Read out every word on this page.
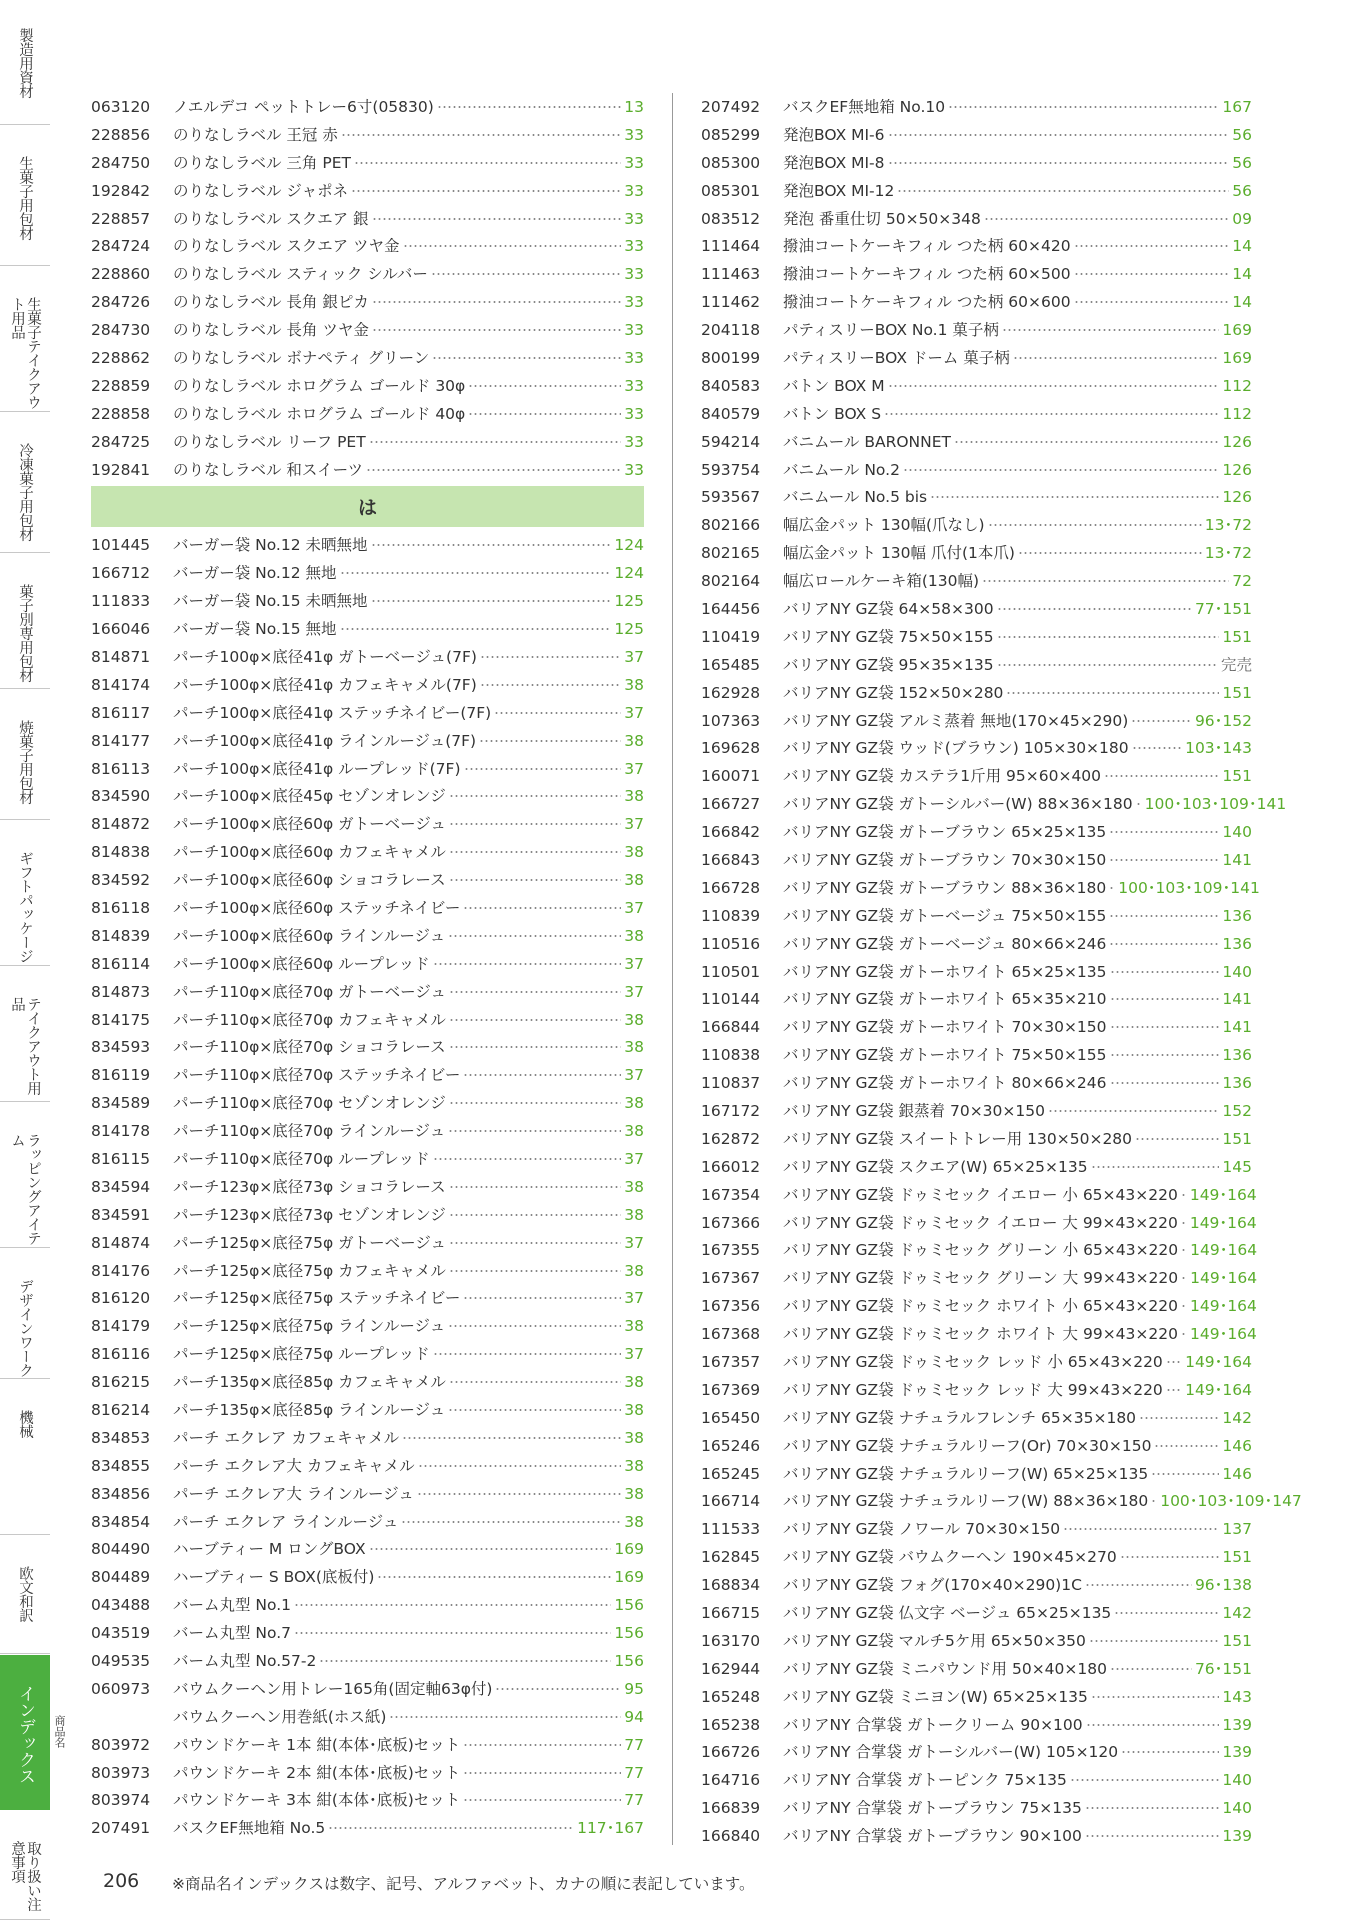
製造用資材
生菓子用包材
生菓子テイクアウト用品
冷凍菓子用包材
菓子別専用包材
焼菓子用包材
ギフトパッケージ
テイクアウト用品
ラッピングアイテム
デザインワーク
機械
欧文和訳
インデックス
取り扱い注意事項
商品名
063120	ノエルデコ ペットトレー6寸(05830)	13
228856	のりなしラベル 王冠 赤	33
284750	のりなしラベル 三角 PET	33
192842	のりなしラベル ジャポネ	33
228857	のりなしラベル スクエア 銀	33
284724	のりなしラベル スクエア ツヤ金	33
228860	のりなしラベル スティック シルバー	33
284726	のりなしラベル 長角 銀ピカ	33
284730	のりなしラベル 長角 ツヤ金	33
228862	のりなしラベル ボナペティ グリーン	33
228859	のりなしラベル ホログラム ゴールド 30φ	33
228858	のりなしラベル ホログラム ゴールド 40φ	33
284725	のりなしラベル リーフ PET	33
192841	のりなしラベル 和スイーツ	33
は
101445	バーガー袋 No.12 未晒無地	124
166712	バーガー袋 No.12 無地	124
111833	バーガー袋 No.15 未晒無地	125
166046	バーガー袋 No.15 無地	125
814871	パーチ100φ×底径41φ ガトーベージュ(7F)	37
814174	パーチ100φ×底径41φ カフェキャメル(7F)	38
816117	パーチ100φ×底径41φ ステッチネイビー(7F)	37
814177	パーチ100φ×底径41φ ラインルージュ(7F)	38
816113	パーチ100φ×底径41φ ループレッド(7F)	37
834590	パーチ100φ×底径45φ セゾンオレンジ	38
814872	パーチ100φ×底径60φ ガトーベージュ	37
814838	パーチ100φ×底径60φ カフェキャメル	38
834592	パーチ100φ×底径60φ ショコラレース	38
816118	パーチ100φ×底径60φ ステッチネイビー	37
814839	パーチ100φ×底径60φ ラインルージュ	38
816114	パーチ100φ×底径60φ ループレッド	37
814873	パーチ110φ×底径70φ ガトーベージュ	37
814175	パーチ110φ×底径70φ カフェキャメル	38
834593	パーチ110φ×底径70φ ショコラレース	38
816119	パーチ110φ×底径70φ ステッチネイビー	37
834589	パーチ110φ×底径70φ セゾンオレンジ	38
814178	パーチ110φ×底径70φ ラインルージュ	38
816115	パーチ110φ×底径70φ ループレッド	37
834594	パーチ123φ×底径73φ ショコラレース	38
834591	パーチ123φ×底径73φ セゾンオレンジ	38
814874	パーチ125φ×底径75φ ガトーベージュ	37
814176	パーチ125φ×底径75φ カフェキャメル	38
816120	パーチ125φ×底径75φ ステッチネイビー	37
814179	パーチ125φ×底径75φ ラインルージュ	38
816116	パーチ125φ×底径75φ ループレッド	37
816215	パーチ135φ×底径85φ カフェキャメル	38
816214	パーチ135φ×底径85φ ラインルージュ	38
834853	パーチ エクレア カフェキャメル	38
834855	パーチ エクレア大 カフェキャメル	38
834856	パーチ エクレア大 ラインルージュ	38
834854	パーチ エクレア ラインルージュ	38
804490	ハーブティー M ロングBOX	169
804489	ハーブティー S BOX(底板付)	169
043488	バーム丸型 No.1	156
043519	バーム丸型 No.7	156
049535	バーム丸型 No.57-2	156
060973	バウムクーヘン用トレー165角(固定軸63φ付)	95
バウムクーヘン用巻紙(ホス紙)	94
803972	パウンドケーキ 1本 紺(本体･底板)セット	77
803973	パウンドケーキ 2本 紺(本体･底板)セット	77
803974	パウンドケーキ 3本 紺(本体･底板)セット	77
207491	バスクEF無地箱 No.5	117･167
207492	バスクEF無地箱 No.10	167
085299	発泡BOX MI-6	56
085300	発泡BOX MI-8	56
085301	発泡BOX MI-12	56
083512	発泡 番重仕切 50×50×348	09
111464	撥油コートケーキフィル つた柄 60×420	14
111463	撥油コートケーキフィル つた柄 60×500	14
111462	撥油コートケーキフィル つた柄 60×600	14
204118	パティスリーBOX No.1 菓子柄	169
800199	パティスリーBOX ドーム 菓子柄	169
840583	バトン BOX M	112
840579	バトン BOX S	112
594214	バニムール BARONNET	126
593754	バニムール No.2	126
593567	バニムール No.5 bis	126
802166	幅広金パット 130幅(爪なし)	13･72
802165	幅広金パット 130幅 爪付(1本爪)	13･72
802164	幅広ロールケーキ箱(130幅)	72
164456	バリアNY GZ袋 64×58×300	77･151
110419	バリアNY GZ袋 75×50×155	151
165485	バリアNY GZ袋 95×35×135	完売
162928	バリアNY GZ袋 152×50×280	151
107363	バリアNY GZ袋 アルミ蒸着 無地(170×45×290)	96･152
169628	バリアNY GZ袋 ウッド(ブラウン) 105×30×180	103･143
160071	バリアNY GZ袋 カステラ1斤用 95×60×400	151
166727	バリアNY GZ袋 ガトーシルバー(W) 88×36×180 100･103･109･141
166842	バリアNY GZ袋 ガトーブラウン 65×25×135	140
166843	バリアNY GZ袋 ガトーブラウン 70×30×150	141
166728	バリアNY GZ袋 ガトーブラウン 88×36×180 100･103･109･141
110839	バリアNY GZ袋 ガトーベージュ 75×50×155	136
110516	バリアNY GZ袋 ガトーベージュ 80×66×246	136
110501	バリアNY GZ袋 ガトーホワイト 65×25×135	140
110144	バリアNY GZ袋 ガトーホワイト 65×35×210	141
166844	バリアNY GZ袋 ガトーホワイト 70×30×150	141
110838	バリアNY GZ袋 ガトーホワイト 75×50×155	136
110837	バリアNY GZ袋 ガトーホワイト 80×66×246	136
167172	バリアNY GZ袋 銀蒸着 70×30×150	152
162872	バリアNY GZ袋 スイートトレー用 130×50×280	151
166012	バリアNY GZ袋 スクエア(W) 65×25×135	145
167354	バリアNY GZ袋 ドゥミセック イエロー 小 65×43×220 149･164
167366	バリアNY GZ袋 ドゥミセック イエロー 大 99×43×220 149･164
167355	バリアNY GZ袋 ドゥミセック グリーン 小 65×43×220 149･164
167367	バリアNY GZ袋 ドゥミセック グリーン 大 99×43×220 149･164
167356	バリアNY GZ袋 ドゥミセック ホワイト 小 65×43×220 149･164
167368	バリアNY GZ袋 ドゥミセック ホワイト 大 99×43×220 149･164
167357	バリアNY GZ袋 ドゥミセック レッド 小 65×43×220 149･164
167369	バリアNY GZ袋 ドゥミセック レッド 大 99×43×220 149･164
165450	バリアNY GZ袋 ナチュラルフレンチ 65×35×180	142
165246	バリアNY GZ袋 ナチュラルリーフ(Or) 70×30×150	146
165245	バリアNY GZ袋 ナチュラルリーフ(W) 65×25×135	146
166714	バリアNY GZ袋 ナチュラルリーフ(W) 88×36×180 100･103･109･147
111533	バリアNY GZ袋 ノワール 70×30×150	137
162845	バリアNY GZ袋 バウムクーヘン 190×45×270	151
168834	バリアNY GZ袋 フォグ(170×40×290)1C	96･138
166715	バリアNY GZ袋 仏文字 ベージュ 65×25×135	142
163170	バリアNY GZ袋 マルチ5ケ用 65×50×350	151
162944	バリアNY GZ袋 ミニパウンド用 50×40×180	76･151
165248	バリアNY GZ袋 ミニヨン(W) 65×25×135	143
165238	バリアNY 合掌袋 ガトークリーム 90×100	139
166726	バリアNY 合掌袋 ガトーシルバー(W) 105×120	139
164716	バリアNY 合掌袋 ガトーピンク 75×135	140
166839	バリアNY 合掌袋 ガトーブラウン 75×135	140
166840	バリアNY 合掌袋 ガトーブラウン 90×100	139
206 ※商品名インデックスは数字、記号、アルファベット、カナの順に表記しています。
